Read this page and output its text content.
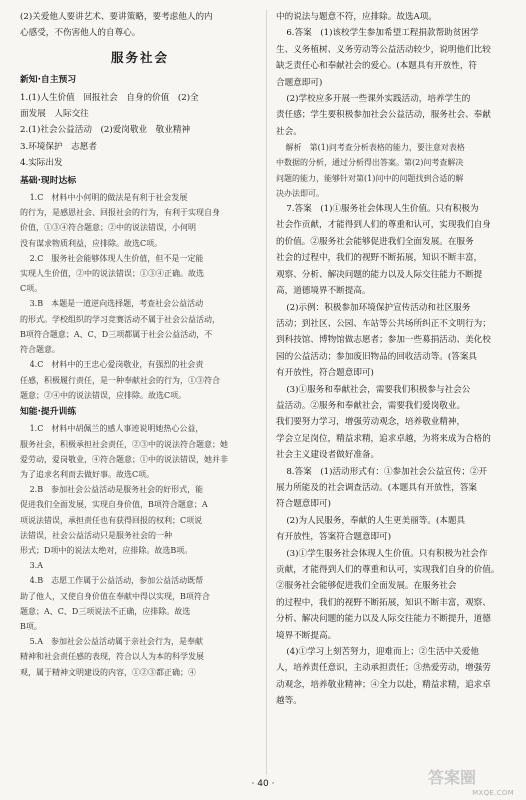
(2)关爱他人要讲艺术、要讲策略，要考虑他人的内

心感受，不伤害他人的自尊心。

服务社会
新知·自主预习

1.(1)人生价值　回报社会　自身的价值　(2)全

面发展　人际交往

2.(1)社会公益活动　(2)爱岗敬业　敬业精神

3.环境保护　志愿者

4.实际出发

基础·现时达标

1.C　材料中小何明的做法是有利于社会发展

的行为，是感恩社会、回报社会的行为，有利于实现自身

价值，①③④符合题意；②中的说法错误，小何明

没有谋求物质利益，应排除。故选C项。

2.C　服务社会能够体现人生价值，但不是一定能

实现人生价值，②中的说法错误；①③④正确。故选

C项。

3.B　本题是一道逆向选择题，考查社会公益活动

的形式。学校组织的学习竞赛活动不属于社会公益活动，

B项符合题意；A、C、D三项都属于社会公益活动，不

符合题意。

4.C　材料中的王忠心爱岗敬业，有强烈的社会责

任感，积极履行责任，是一种奉献社会的行为，①③符合

题意；②④中的说法错误，应排除。故选C项。

知能·提升训练

1.C　材料中胡佩兰的感人事迹说明她热心公益，

服务社会，积极承担社会责任，②③中的说法符合题意；她

爱劳动，爱岗敬业，④符合题意；①中的说法错误，她并非

为了追求名利而去做好事。故选C项。

2.B　参加社会公益活动是服务社会的好形式，能

促进我们全面发展，实现自身价值，B项符合题意；A

项说法错误，承担责任也有获得回报的权利；C项说

法错误，社会公益活动只是服务社会的一种

形式；D项中的说法太绝对，应排除。故选B项。

3.A

4.B　志愿工作属于公益活动，参加公益活动既帮

助了他人，又使自身价值在奉献中得以实现，B项符合

题意；A、C、D三项说法不正确，应排除。故选

B项。

5.A　参加社会公益活动属于亲社会行为，是奉献

精神和社会责任感的表现，符合以人为本的科学发展

观，属于精神文明建设的内容，①②③都正确；④

中的说法与题意不符，应排除。故选A项。

6.答案　(1)该校学生参加希望工程捐款帮助贫困学

生、义务植树、义务劳动等公益活动较少，说明他们比较

缺乏责任心和奉献社会的爱心。(本题具有开放性，符

合题意即可)

(2)学校应多开展一些课外实践活动，培养学生的

责任感；学生要积极参加社会公益活动，服务社会、奉献

社会。

解析　第(1)问考查分析表格的能力，要注意对表格

中数据的分析，通过分析得出答案。第(2)问考查解决

问题的能力，能够针对第(1)问中的问题找到合适的解

决办法即可。

7.答案　(1)①服务社会体现人生价值。只有积极为

社会作贡献，才能得到人们的尊重和认可，实现我们自身

的价值。②服务社会能够促进我们全面发展。在服务

社会的过程中，我们的视野不断拓展，知识不断丰富，

观察、分析、解决问题的能力以及人际交往能力不断提

高，道德境界不断提高。

(2)示例：积极参加环境保护宣传活动和社区服务

活动；到社区、公园、车站等公共场所纠正不文明行为；

到科技馆、博物馆做志愿者；参加一些募捐活动、美化校

园的公益活动；参加废旧物品的回收活动等。(答案具

有开放性，符合题意即可)

(3)①服务和奉献社会，需要我们积极参与社会公

益活动。②服务和奉献社会，需要我们爱岗敬业。

我们要努力学习，增强劳动观念，培养敬业精神，

学会立足岗位，精益求精，追求卓越，为将来成为合格的

社会主义建设者做好准备。

8.答案　(1)活动形式有：①参加社会公益宣传；②开

展力所能及的社会调查活动。(本题具有开放性，答案

符合题意即可)

(2)为人民服务，奉献的人生更美丽等。(本题具

有开放性，答案符合题意即可)

(3)①学生服务社会体现人生价值。只有积极为社会作

贡献，才能得到人们的尊重和认可，实现我们自身的价值。

②服务社会能够促进我们全面发展。在服务社会

的过程中，我们的视野不断拓展，知识不断丰富，观察、

分析、解决问题的能力以及人际交往能力不断提升，道德

境界不断提高。

(4)①学习上刻苦努力，迎难而上；②生活中关爱他

人，培养责任意识，主动承担责任；③热爱劳动，增强劳

动观念，培养敬业精神；④全力以赴，精益求精，追求卓

越等。

· 40 ·	答案圈
MXQE.COM
